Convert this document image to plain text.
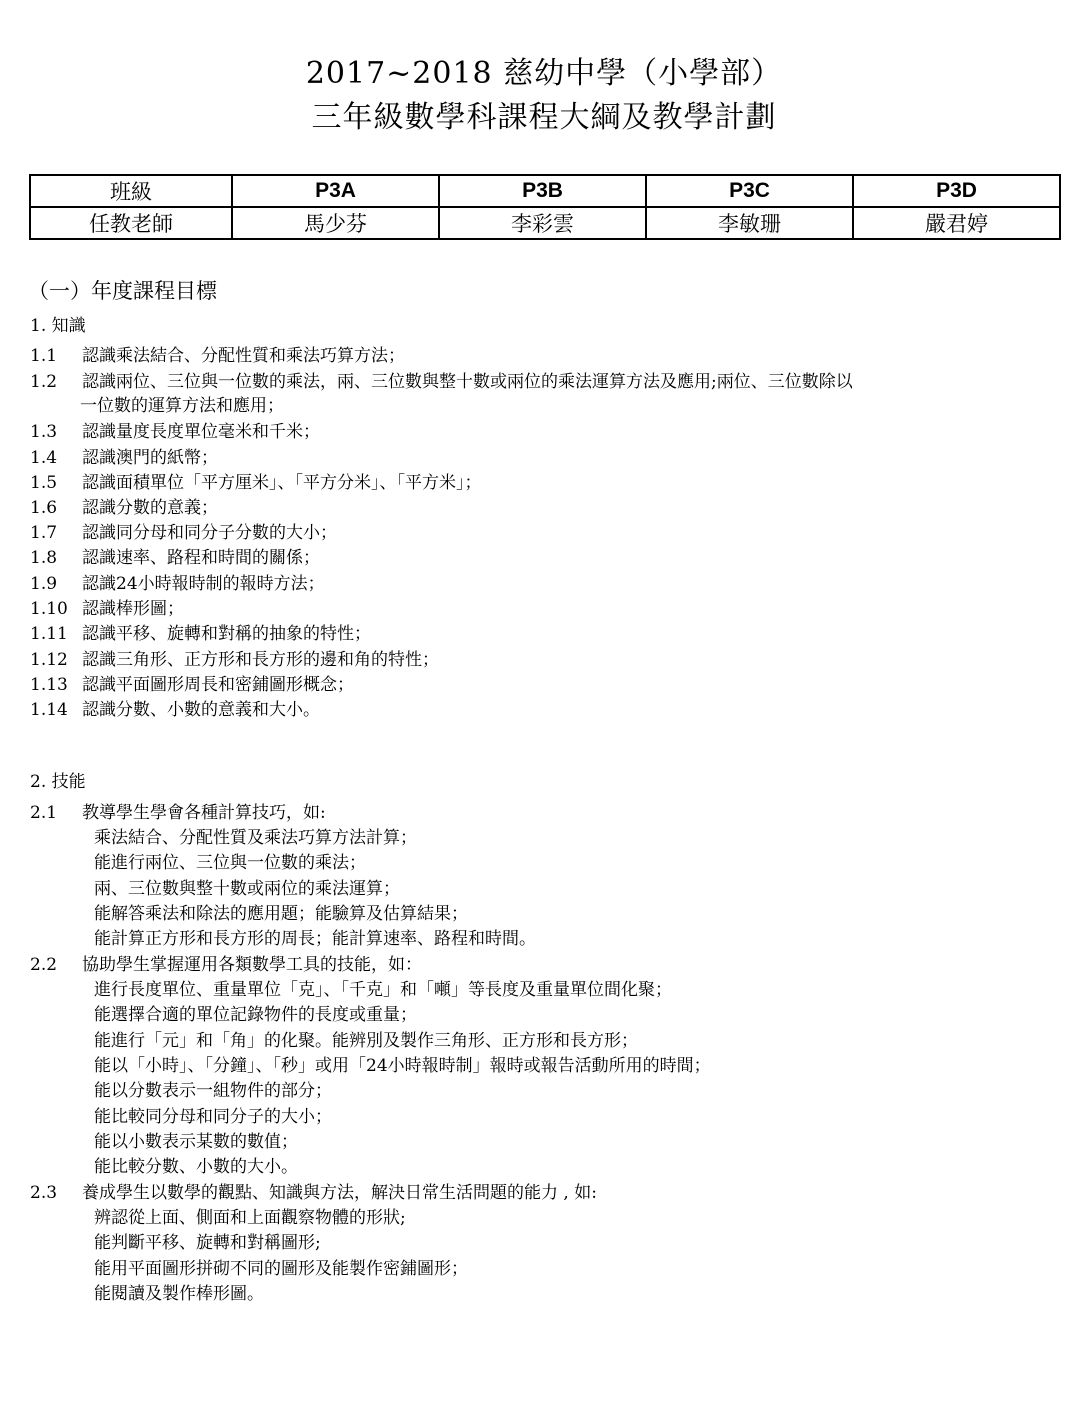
2017~2018 慈幼中學（小學部）
三年級數學科課程大綱及教學計劃
班級	P3A	P3B	P3C	P3D
任教老師	馬少芬	李彩雲	李敏珊	嚴君婷
（一）年度課程目標
1. 知識
1.1 認識乘法結合、分配性質和乘法巧算方法；
1.2 認識兩位、三位與一位數的乘法，兩、三位數與整十數或兩位的乘法運算方法及應用;兩位、三位數除以
一位數的運算方法和應用；
1.3 認識量度長度單位毫米和千米；
1.4 認識澳門的紙幣；
1.5 認識面積單位「平方厘米」、「平方分米」、「平方米」；
1.6 認識分數的意義；
1.7 認識同分母和同分子分數的大小；
1.8 認識速率、路程和時間的關係；
1.9 認識24小時報時制的報時方法；
1.10 認識棒形圖；
1.11 認識平移、旋轉和對稱的抽象的特性；
1.12 認識三角形、正方形和長方形的邊和角的特性；
1.13 認識平面圖形周長和密鋪圖形概念；
1.14 認識分數、小數的意義和大小。
2. 技能
2.1 教導學生學會各種計算技巧，如:
乘法結合、分配性質及乘法巧算方法計算；
能進行兩位、三位與一位數的乘法；
兩、三位數與整十數或兩位的乘法運算；
能解答乘法和除法的應用題；能驗算及估算結果；
能計算正方形和長方形的周長；能計算速率、路程和時間。
2.2 協助學生掌握運用各類數學工具的技能，如：
進行長度單位、重量單位「克」、「千克」和「噸」等長度及重量單位間化聚；
能選擇合適的單位記錄物件的長度或重量；
能進行「元」和「角」的化聚。能辨別及製作三角形、正方形和長方形；
能以「小時」、「分鐘」、「秒」或用「24小時報時制」報時或報告活動所用的時間；
能以分數表示一組物件的部分；
能比較同分母和同分子的大小；
能以小數表示某數的數值；
能比較分數、小數的大小。
2.3 養成學生以數學的觀點、知識與方法，解決日常生活問題的能力 , 如:
辨認從上面、側面和上面觀察物體的形狀;
能判斷平移、旋轉和對稱圖形;
能用平面圖形拼砌不同的圖形及能製作密鋪圖形；
能閱讀及製作棒形圖。
